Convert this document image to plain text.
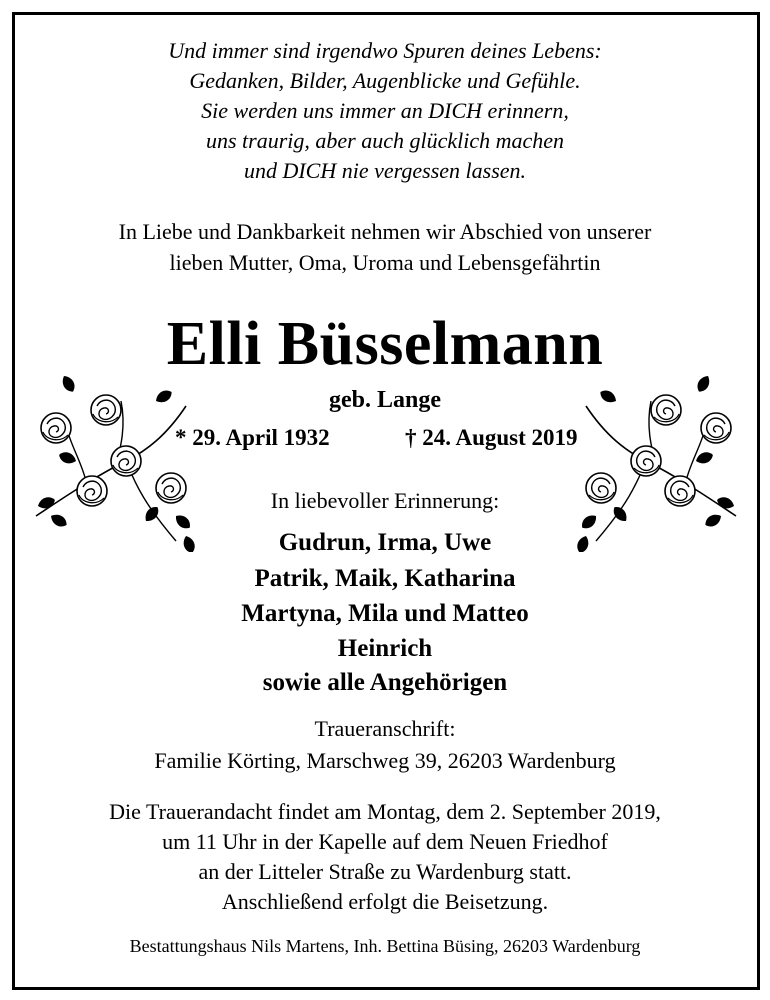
Und immer sind irgendwo Spuren deines Lebens:
Gedanken, Bilder, Augenblicke und Gefühle.
Sie werden uns immer an DICH erinnern,
uns traurig, aber auch glücklich machen
und DICH nie vergessen lassen.
In Liebe und Dankbarkeit nehmen wir Abschied von unserer
lieben Mutter, Oma, Uroma und Lebensgefährtin
Elli Büsselmann
geb. Lange
* 29. April 1932	† 24. August 2019
In liebevoller Erinnerung:
Gudrun, Irma, Uwe
Patrik, Maik, Katharina
Martyna, Mila und Matteo
Heinrich
sowie alle Angehörigen
Traueranschrift:
Familie Körting, Marschweg 39, 26203 Wardenburg
Die Trauerandacht findet am Montag, dem 2. September 2019,
um 11 Uhr in der Kapelle auf dem Neuen Friedhof
an der Litteler Straße zu Wardenburg statt.
Anschließend erfolgt die Beisetzung.
Bestattungshaus Nils Martens, Inh. Bettina Büsing, 26203 Wardenburg
